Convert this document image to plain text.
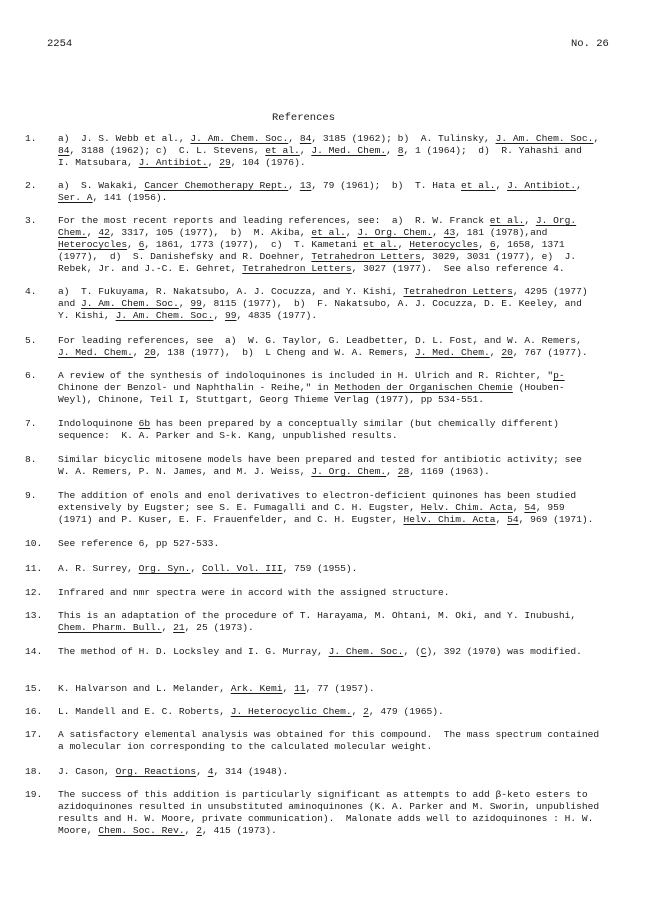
2254	No. 26
References
1.	a)  J. S. Webb et al., J. Am. Chem. Soc., 84, 3185 (1962); b)  A. Tulinsky, J. Am. Chem. Soc.,
84, 3188 (1962); c)  C. L. Stevens, et al., J. Med. Chem., 8, 1 (1964);  d)  R. Yahashi and
I. Matsubara, J. Antibiot., 29, 104 (1976).
2.	a)  S. Wakaki, Cancer Chemotherapy Rept., 13, 79 (1961);  b)  T. Hata et al., J. Antibiot.,
Ser. A, 141 (1956).
3.	For the most recent reports and leading references, see:  a)  R. W. Franck et al., J. Org.
Chem., 42, 3317, 105 (1977),  b)  M. Akiba, et al., J. Org. Chem., 43, 181 (1978),and
Heterocycles, 6, 1861, 1773 (1977),  c)  T. Kametani et al., Heterocycles, 6, 1658, 1371
(1977),  d)  S. Danishefsky and R. Doehner, Tetrahedron Letters, 3029, 3031 (1977), e)  J.
Rebek, Jr. and J.-C. E. Gehret, Tetrahedron Letters, 3027 (1977).  See also reference 4.
4.	a)  T. Fukuyama, R. Nakatsubo, A. J. Cocuzza, and Y. Kishi, Tetrahedron Letters, 4295 (1977)
and J. Am. Chem. Soc., 99, 8115 (1977),  b)  F. Nakatsubo, A. J. Cocuzza, D. E. Keeley, and
Y. Kishi, J. Am. Chem. Soc., 99, 4835 (1977).
5.	For leading references, see  a)  W. G. Taylor, G. Leadbetter, D. L. Fost, and W. A. Remers,
J. Med. Chem., 20, 138 (1977),  b)  L Cheng and W. A. Remers, J. Med. Chem., 20, 767 (1977).
6.	A review of the synthesis of indoloquinones is included in H. Ulrich and R. Richter, "p-
Chinone der Benzol- und Naphthalin - Reihe," in Methoden der Organischen Chemie (Houben-
Weyl), Chinone, Teil I, Stuttgart, Georg Thieme Verlag (1977), pp 534-551.
7.	Indoloquinone 6b has been prepared by a conceptually similar (but chemically different)
sequence:  K. A. Parker and S-k. Kang, unpublished results.
8.	Similar bicyclic mitosene models have been prepared and tested for antibiotic activity; see
W. A. Remers, P. N. James, and M. J. Weiss, J. Org. Chem., 28, 1169 (1963).
9.	The addition of enols and enol derivatives to electron-deficient quinones has been studied
extensively by Eugster; see S. E. Fumagalli and C. H. Eugster, Helv. Chim. Acta, 54, 959
(1971) and P. Kuser, E. F. Frauenfelder, and C. H. Eugster, Helv. Chim. Acta, 54, 969 (1971).
10.	See reference 6, pp 527-533.
11.	A. R. Surrey, Org. Syn., Coll. Vol. III, 759 (1955).
12.	Infrared and nmr spectra were in accord with the assigned structure.
13.	This is an adaptation of the procedure of T. Harayama, M. Ohtani, M. Oki, and Y. Inubushi,
Chem. Pharm. Bull., 21, 25 (1973).
14.	The method of H. D. Locksley and I. G. Murray, J. Chem. Soc., (C), 392 (1970) was modified.
15.	K. Halvarson and L. Melander, Ark. Kemi, 11, 77 (1957).
16.	L. Mandell and E. C. Roberts, J. Heterocyclic Chem., 2, 479 (1965).
17.	A satisfactory elemental analysis was obtained for this compound.  The mass spectrum contained
a molecular ion corresponding to the calculated molecular weight.
18.	J. Cason, Org. Reactions, 4, 314 (1948).
19.	The success of this addition is particularly significant as attempts to add β-keto esters to
azidoquinones resulted in unsubstituted aminoquinones (K. A. Parker and M. Sworin, unpublished
results and H. W. Moore, private communication).  Malonate adds well to azidoquinones : H. W.
Moore, Chem. Soc. Rev., 2, 415 (1973).
